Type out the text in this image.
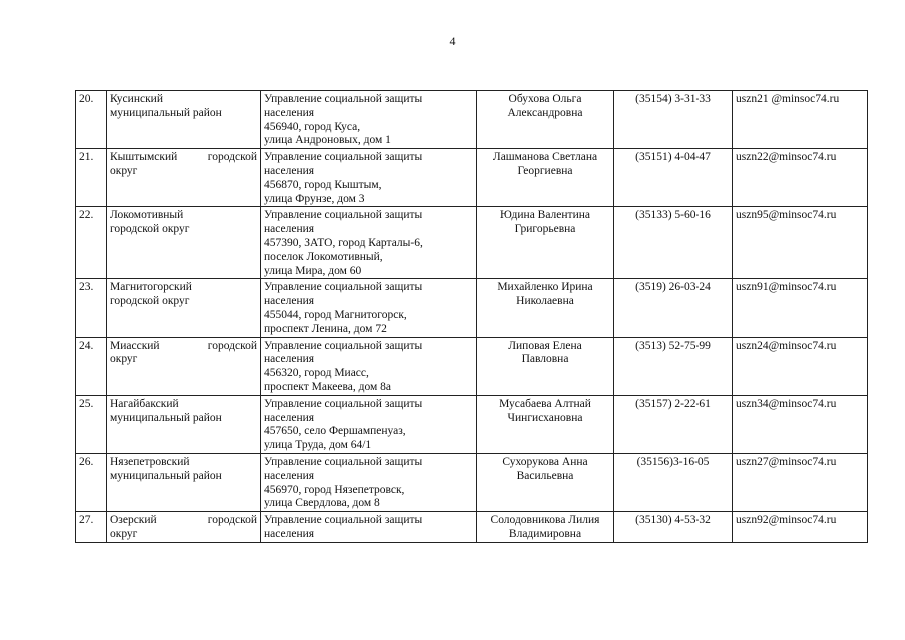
4
20.	Кусинский
муниципальный район	Управление социальной защиты
населения
456940, город Куса,
улица Андроновых, дом 1	Обухова Ольга
Александровна	(35154) 3-31-33	uszn21 @minsoc74.ru
21.	Кыштымский городской
округ	Управление социальной защиты
населения
456870, город Кыштым,
улица Фрунзе, дом 3	Лашманова Светлана
Георгиевна	(35151) 4-04-47	uszn22@minsoc74.ru
22.	Локомотивный
городской округ	Управление социальной защиты
населения
457390, ЗАТО, город Карталы-6,
поселок Локомотивный,
улица Мира, дом 60	Юдина Валентина
Григорьевна	(35133) 5-60-16	uszn95@minsoc74.ru
23.	Магнитогорский
городской округ	Управление социальной защиты
населения
455044, город Магнитогорск,
проспект Ленина, дом 72	Михайленко Ирина
Николаевна	(3519) 26-03-24	uszn91@minsoc74.ru
24.	Миасский городской
округ	Управление социальной защиты
населения
456320, город Миасс,
проспект Макеева, дом 8а	Липовая Елена
Павловна	(3513) 52-75-99	uszn24@minsoc74.ru
25.	Нагайбакский
муниципальный район	Управление социальной защиты
населения
457650, село Фершампенуаз,
улица Труда, дом 64/1	Мусабаева Алтнай
Чингисхановна	(35157) 2-22-61	uszn34@minsoc74.ru
26.	Нязепетровский
муниципальный район	Управление социальной защиты
населения
456970, город Нязепетровск,
улица Свердлова, дом 8	Сухорукова Анна
Васильевна	(35156)3-16-05	uszn27@minsoc74.ru
27.	Озерский городской
округ	Управление социальной защиты
населения	Солодовникова Лилия
Владимировна	(35130) 4-53-32	uszn92@minsoc74.ru
